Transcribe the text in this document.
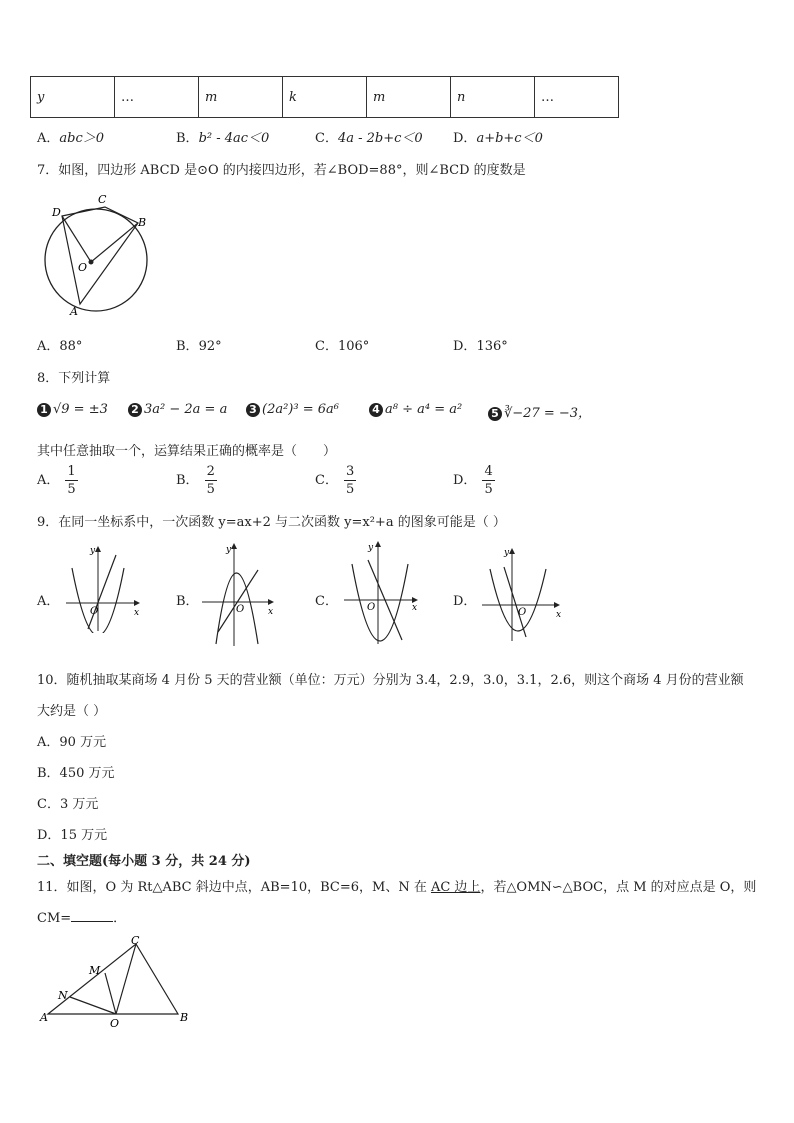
y	…	m	k	m	n	…
A．abc＞0	B．b² - 4ac＜0	C．4a - 2b+c＜0 D．a+b+c＜0
7．如图，四边形 ABCD 是⊙O 的内接四边形，若∠BOD=88°，则∠BCD 的度数是
D
C
B
O
A
A．88°	B．92°	C．106°	D．136°
8．下列计算
1 √9 = ±3 2 3a² − 2a = a 3 (2a²)³ = 6a⁶	4 a⁸ ÷ a⁴ = a²	5 ∛−27 = −3，
其中任意抽取一个，运算结果正确的概率是（　　）
A． $\frac{1}{5}$	B． $\frac{2}{5}$	C． $\frac{3}{5}$	D． $\frac{4}{5}$
9．在同一坐标系中，一次函数 y=ax+2 与二次函数 y=x²+a 的图象可能是（ ）
A．
y
x
O
B．
y
x
O
C．
y
x
O	D．
y
x
O
10．随机抽取某商场 4 月份 5 天的营业额（单位：万元）分别为 3.4，2.9，3.0，3.1，2.6，则这个商场 4 月份的营业额
大约是（ ）
A．90 万元
B．450 万元
C．3 万元
D．15 万元
二、填空题(每小题 3 分，共 24 分)
11．如图，O 为 Rt△ABC 斜边中点，AB=10，BC=6，M、N 在 AC 边上，若△OMN∽△BOC，点 M 的对应点是 O，则
CM=	．
C
M
N
A	O	B
